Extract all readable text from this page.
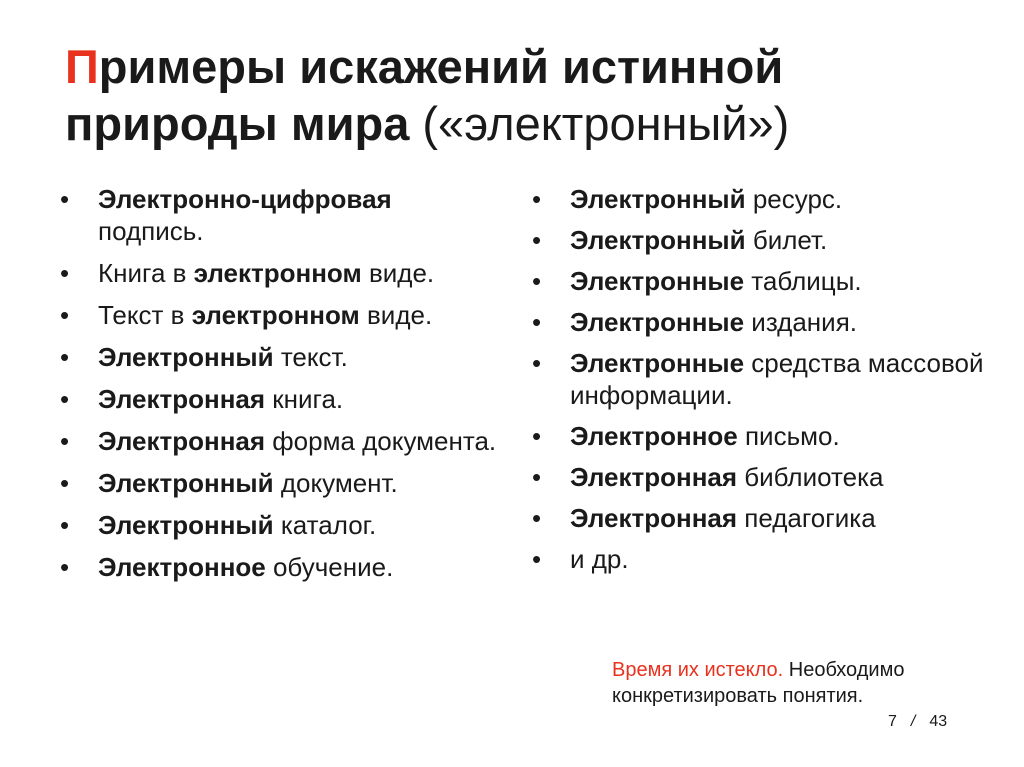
Примеры искажений истинной природы мира («электронный»)
• Электронно-цифровая подпись.
• Книга в электронном виде.
• Текст в электронном виде.
• Электронный текст.
• Электронная книга.
• Электронная форма документа.
• Электронный документ.
• Электронный каталог.
• Электронное обучение.
• Электронный ресурс.
• Электронный билет.
• Электронные таблицы.
• Электронные издания.
• Электронные средства массовой информации.
• Электронное письмо.
• Электронная библиотека
• Электронная педагогика
• и др.
Время их истекло. Необходимо конкретизировать понятия.
7 / 43
